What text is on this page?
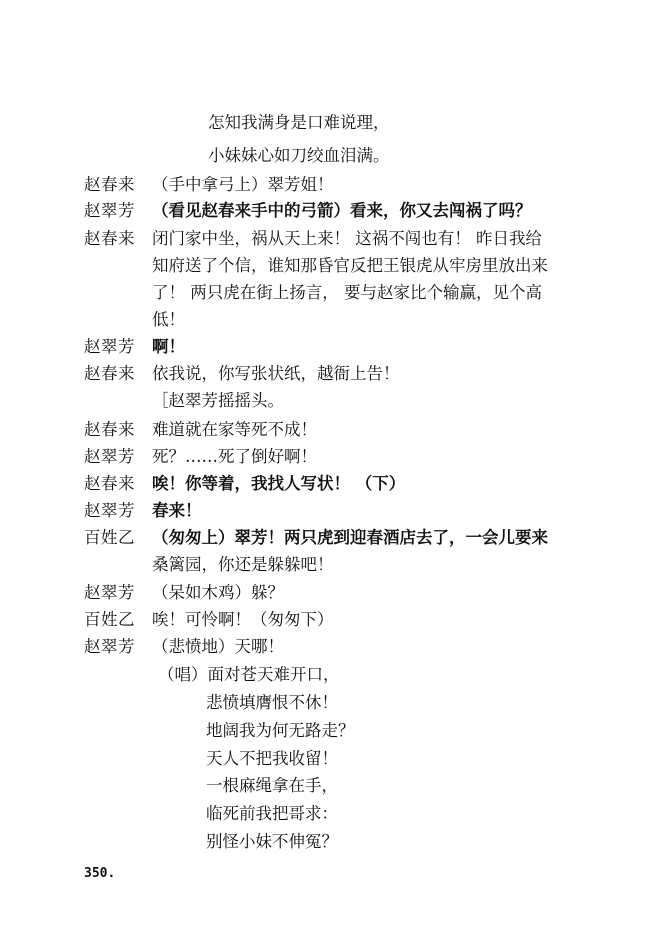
怎知我满身是口难说理，
小妹妹心如刀绞血泪满。
赵春来 （手中拿弓上）翠芳姐！
赵翠芳 （看见赵春来手中的弓箭）看来，你又去闯祸了吗？
赵春来 闭门家中坐，祸从天上来！ 这祸不闯也有！ 昨日我给
知府送了个信，谁知那昏官反把王银虎从牢房里放出来
了！ 两只虎在街上扬言， 要与赵家比个输赢，见个高
低！
赵翠芳 啊！
赵春来 依我说，你写张状纸，越衙上告！
［赵翠芳摇摇头。
赵春来 难道就在家等死不成！
赵翠芳 死？……死了倒好啊！
赵春来 唉！你等着，我找人写状！ （下）
赵翠芳 春来！
百姓乙 （匆匆上）翠芳！两只虎到迎春酒店去了，一会儿要来
桑篱园，你还是躲躲吧！
赵翠芳 （呆如木鸡）躲？
百姓乙 唉！可怜啊！（匆匆下）
赵翠芳 （悲愤地）天哪！
（唱）面对苍天难开口，
悲愤填膺恨不休！
地阔我为何无路走？
天人不把我收留！
一根麻绳拿在手，
临死前我把哥求：
别怪小妹不伸冤？
350.
